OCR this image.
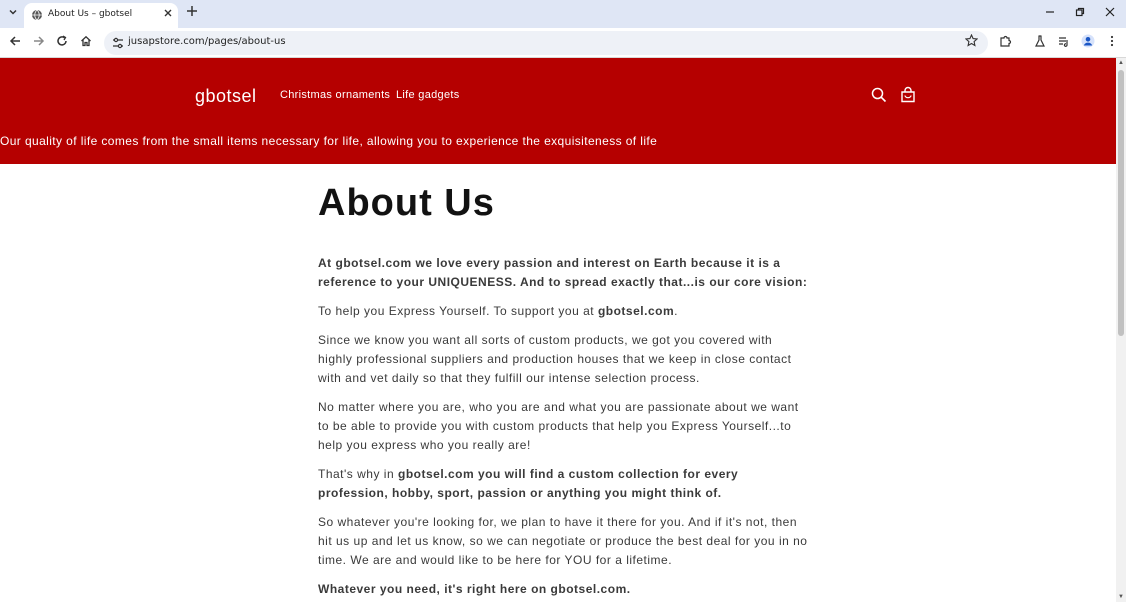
About Us – gbotsel
jusapstore.com/pages/about-us
gbotsel Christmas ornaments Life gadgets
Our quality of life comes from the small items necessary for life, allowing you to experience the exquisiteness of life
About Us

At gbotsel.com we love every passion and interest on Earth because it is a reference to your UNIQUENESS. And to spread exactly that...is our core vision:

To help you Express Yourself. To support you at gbotsel.com.

Since we know you want all sorts of custom products, we got you covered with highly professional suppliers and production houses that we keep in close contact with and vet daily so that they fulfill our intense selection process.

No matter where you are, who you are and what you are passionate about we want to be able to provide you with custom products that help you Express Yourself...to help you express who you really are!

That's why in gbotsel.com you will find a custom collection for every profession, hobby, sport, passion or anything you might think of.

So whatever you're looking for, we plan to have it there for you. And if it's not, then hit us up and let us know, so we can negotiate or produce the best deal for you in no time. We are and would like to be here for YOU for a lifetime.

Whatever you need, it's right here on gbotsel.com.

▲
▼
